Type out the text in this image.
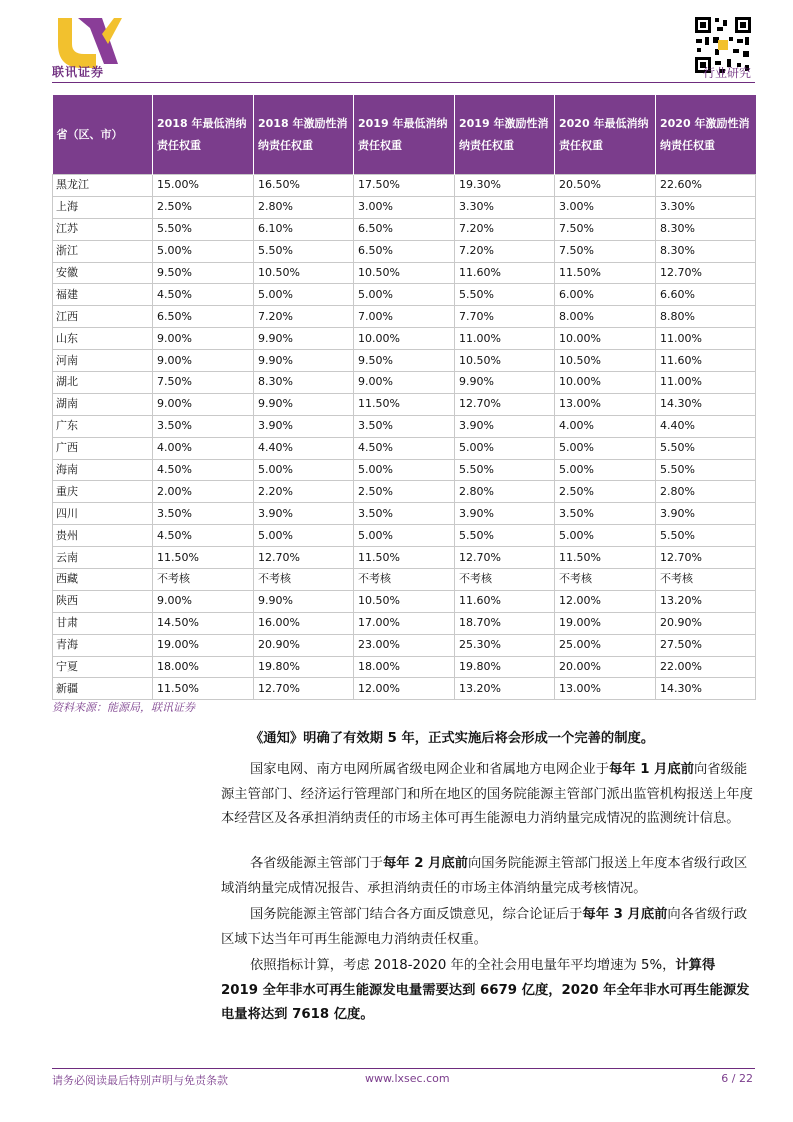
联讯证券	行业研究
省（区、市）	2018 年最低消纳责任权重	2018 年激励性消纳责任权重	2019 年最低消纳责任权重	2019 年激励性消纳责任权重	2020 年最低消纳责任权重	2020 年激励性消纳责任权重
黑龙江	15.00%	16.50%	17.50%	19.30%	20.50%	22.60%
上海	2.50%	2.80%	3.00%	3.30%	3.00%	3.30%
江苏	5.50%	6.10%	6.50%	7.20%	7.50%	8.30%
浙江	5.00%	5.50%	6.50%	7.20%	7.50%	8.30%
安徽	9.50%	10.50%	10.50%	11.60%	11.50%	12.70%
福建	4.50%	5.00%	5.00%	5.50%	6.00%	6.60%
江西	6.50%	7.20%	7.00%	7.70%	8.00%	8.80%
山东	9.00%	9.90%	10.00%	11.00%	10.00%	11.00%
河南	9.00%	9.90%	9.50%	10.50%	10.50%	11.60%
湖北	7.50%	8.30%	9.00%	9.90%	10.00%	11.00%
湖南	9.00%	9.90%	11.50%	12.70%	13.00%	14.30%
广东	3.50%	3.90%	3.50%	3.90%	4.00%	4.40%
广西	4.00%	4.40%	4.50%	5.00%	5.00%	5.50%
海南	4.50%	5.00%	5.00%	5.50%	5.00%	5.50%
重庆	2.00%	2.20%	2.50%	2.80%	2.50%	2.80%
四川	3.50%	3.90%	3.50%	3.90%	3.50%	3.90%
贵州	4.50%	5.00%	5.00%	5.50%	5.00%	5.50%
云南	11.50%	12.70%	11.50%	12.70%	11.50%	12.70%
西藏	不考核	不考核	不考核	不考核	不考核	不考核
陕西	9.00%	9.90%	10.50%	11.60%	12.00%	13.20%
甘肃	14.50%	16.00%	17.00%	18.70%	19.00%	20.90%
青海	19.00%	20.90%	23.00%	25.30%	25.00%	27.50%
宁夏	18.00%	19.80%	18.00%	19.80%	20.00%	22.00%
新疆	11.50%	12.70%	12.00%	13.20%	13.00%	14.30%
资料来源：能源局，联讯证券

《通知》明确了有效期 5 年，正式实施后将会形成一个完善的制度。

国家电网、南方电网所属省级电网企业和省属地方电网企业于每年 1 月底前向省级能源主管部门、经济运行管理部门和所在地区的国务院能源主管部门派出监管机构报送上年度本经营区及各承担消纳责任的市场主体可再生能源电力消纳量完成情况的监测统计信息。

各省级能源主管部门于每年 2 月底前向国务院能源主管部门报送上年度本省级行政区域消纳量完成情况报告、承担消纳责任的市场主体消纳量完成考核情况。

国务院能源主管部门结合各方面反馈意见，综合论证后于每年 3 月底前向各省级行政区域下达当年可再生能源电力消纳责任权重。

依照指标计算，考虑 2018-2020 年的全社会用电量年平均增速为 5%，计算得 2019 全年非水可再生能源发电量需要达到 6679 亿度，2020 年全年非水可再生能源发电量将达到 7618 亿度。

请务必阅读最后特别声明与免责条款	www.lxsec.com	6 / 22
